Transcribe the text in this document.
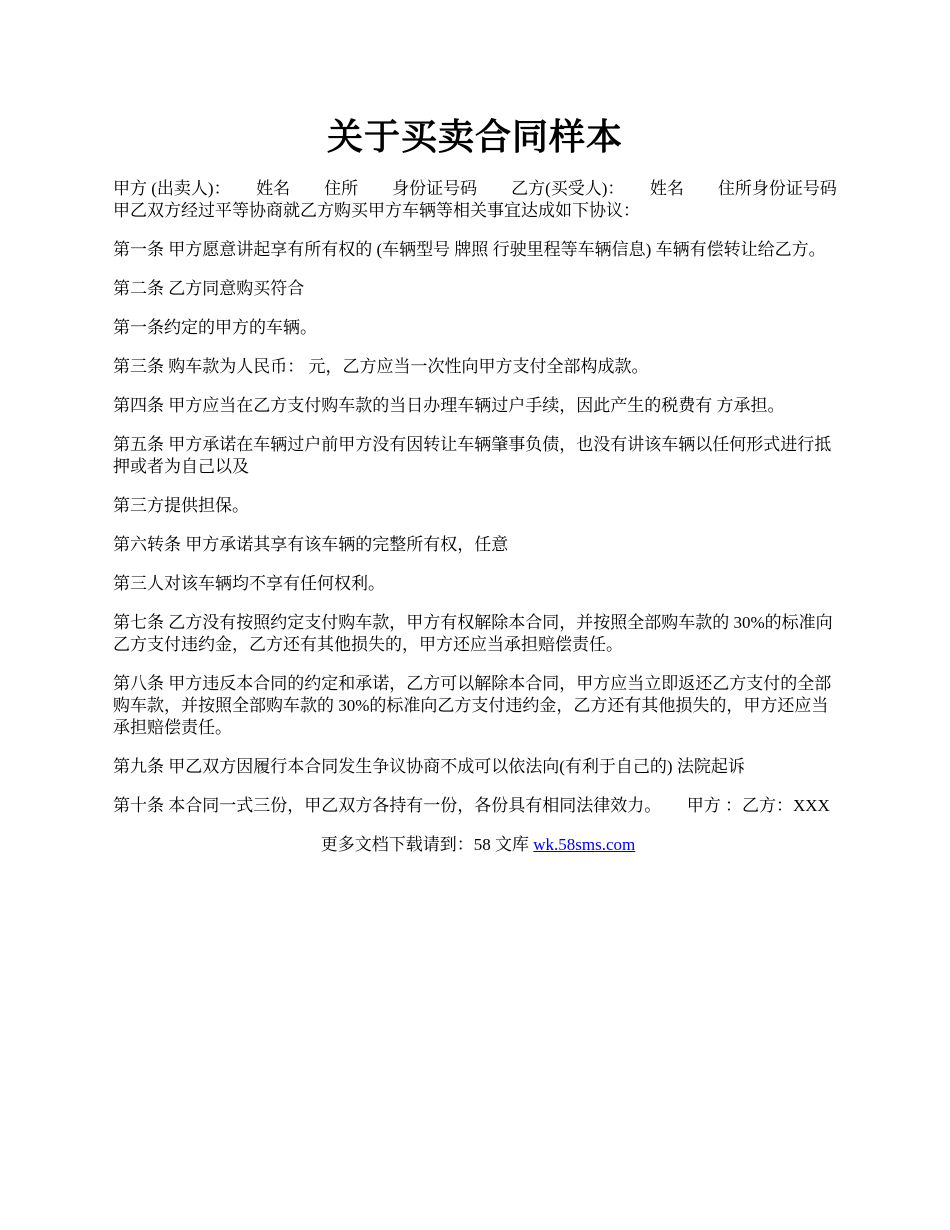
关于买卖合同样本

甲方 (出卖人)：　　姓名　　住所　　身份证号码　　乙方(买受人)：　　姓名　　住所身份证号码　　甲乙双方经过平等协商就乙方购买甲方车辆等相关事宜达成如下协议：

第一条 甲方愿意讲起享有所有权的 (车辆型号 牌照 行驶里程等车辆信息) 车辆有偿转让给乙方。

第二条 乙方同意购买符合

第一条约定的甲方的车辆。

第三条 购车款为人民币： 元，乙方应当一次性向甲方支付全部构成款。

第四条 甲方应当在乙方支付购车款的当日办理车辆过户手续，因此产生的税费有 方承担。

第五条 甲方承诺在车辆过户前甲方没有因转让车辆肇事负债，也没有讲该车辆以任何形式进行抵押或者为自己以及

第三方提供担保。

第六转条 甲方承诺其享有该车辆的完整所有权，任意

第三人对该车辆均不享有任何权利。

第七条 乙方没有按照约定支付购车款，甲方有权解除本合同，并按照全部购车款的 30%的标准向乙方支付违约金，乙方还有其他损失的，甲方还应当承担赔偿责任。

第八条 甲方违反本合同的约定和承诺，乙方可以解除本合同，甲方应当立即返还乙方支付的全部购车款，并按照全部购车款的 30%的标准向乙方支付违约金，乙方还有其他损失的，甲方还应当承担赔偿责任。

第九条 甲乙双方因履行本合同发生争议协商不成可以依法向(有利于自己的) 法院起诉

第十条 本合同一式三份，甲乙双方各持有一份，各份具有相同法律效力。　　甲方 ：乙方：XXX

更多文档下载请到：58 文库 wk.58sms.com
